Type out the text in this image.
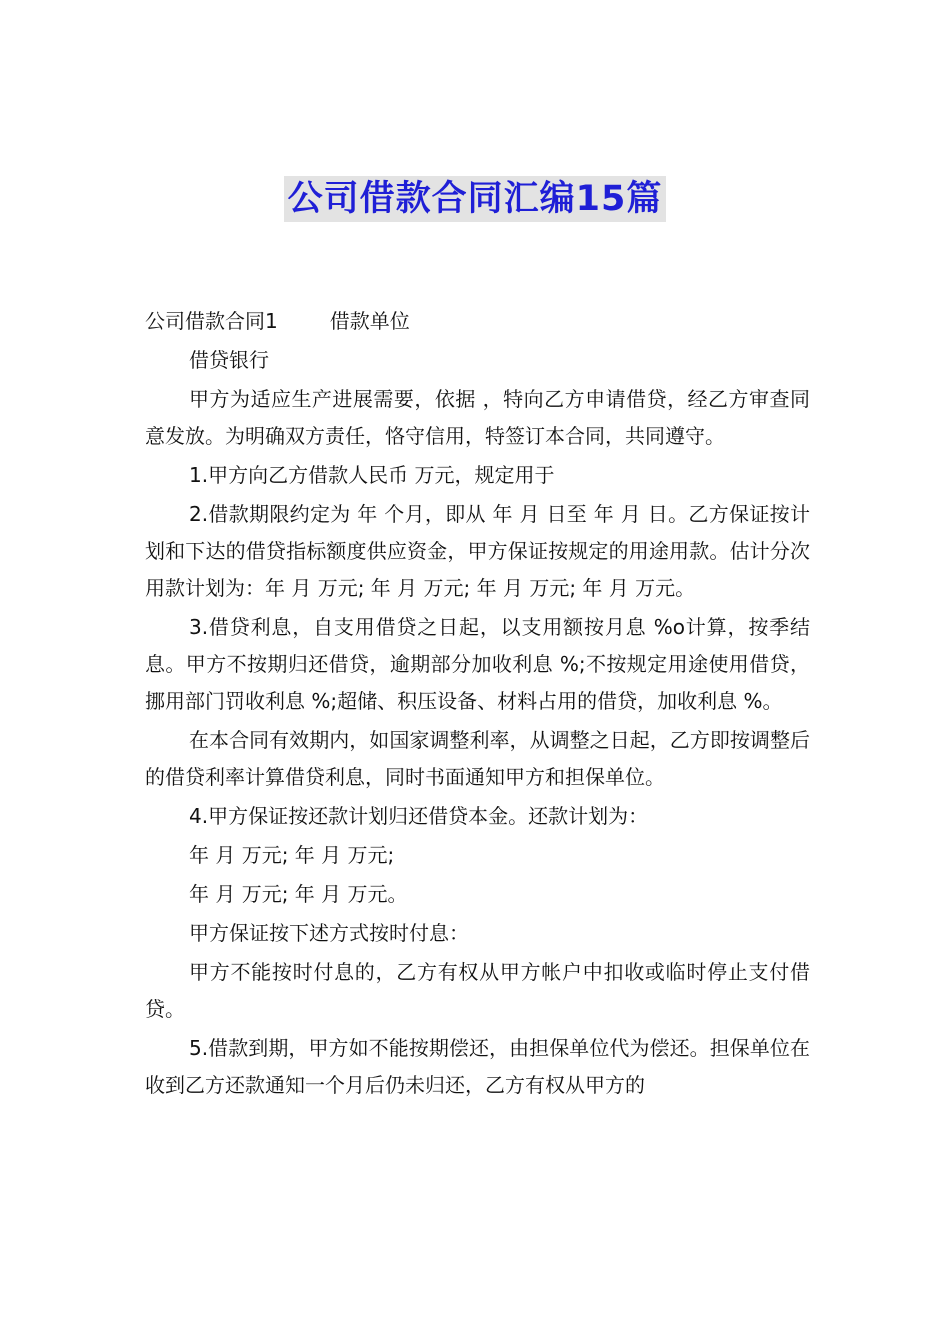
公司借款合同汇编15篇

公司借款合同1	借款单位

借贷银行

甲方为适应生产进展需要，依据 ，特向乙方申请借贷，经乙方审查同意发放。为明确双方责任，恪守信用，特签订本合同，共同遵守。

1.甲方向乙方借款人民币 万元，规定用于

2.借款期限约定为 年 个月，即从 年 月 日至 年 月 日。乙方保证按计划和下达的借贷指标额度供应资金，甲方保证按规定的用途用款。估计分次用款计划为：年 月 万元; 年 月 万元; 年 月 万元; 年 月 万元。

3.借贷利息，自支用借贷之日起，以支用额按月息 %o计算，按季结息。甲方不按期归还借贷，逾期部分加收利息 %;不按规定用途使用借贷，挪用部门罚收利息 %;超储、积压设备、材料占用的借贷，加收利息 %。

在本合同有效期内，如国家调整利率，从调整之日起，乙方即按调整后的借贷利率计算借贷利息，同时书面通知甲方和担保单位。

4.甲方保证按还款计划归还借贷本金。还款计划为：

年 月 万元; 年 月 万元;

年 月 万元; 年 月 万元。

甲方保证按下述方式按时付息：

甲方不能按时付息的，乙方有权从甲方帐户中扣收或临时停止支付借贷。

5.借款到期，甲方如不能按期偿还，由担保单位代为偿还。担保单位在收到乙方还款通知一个月后仍未归还，乙方有权从甲方的
